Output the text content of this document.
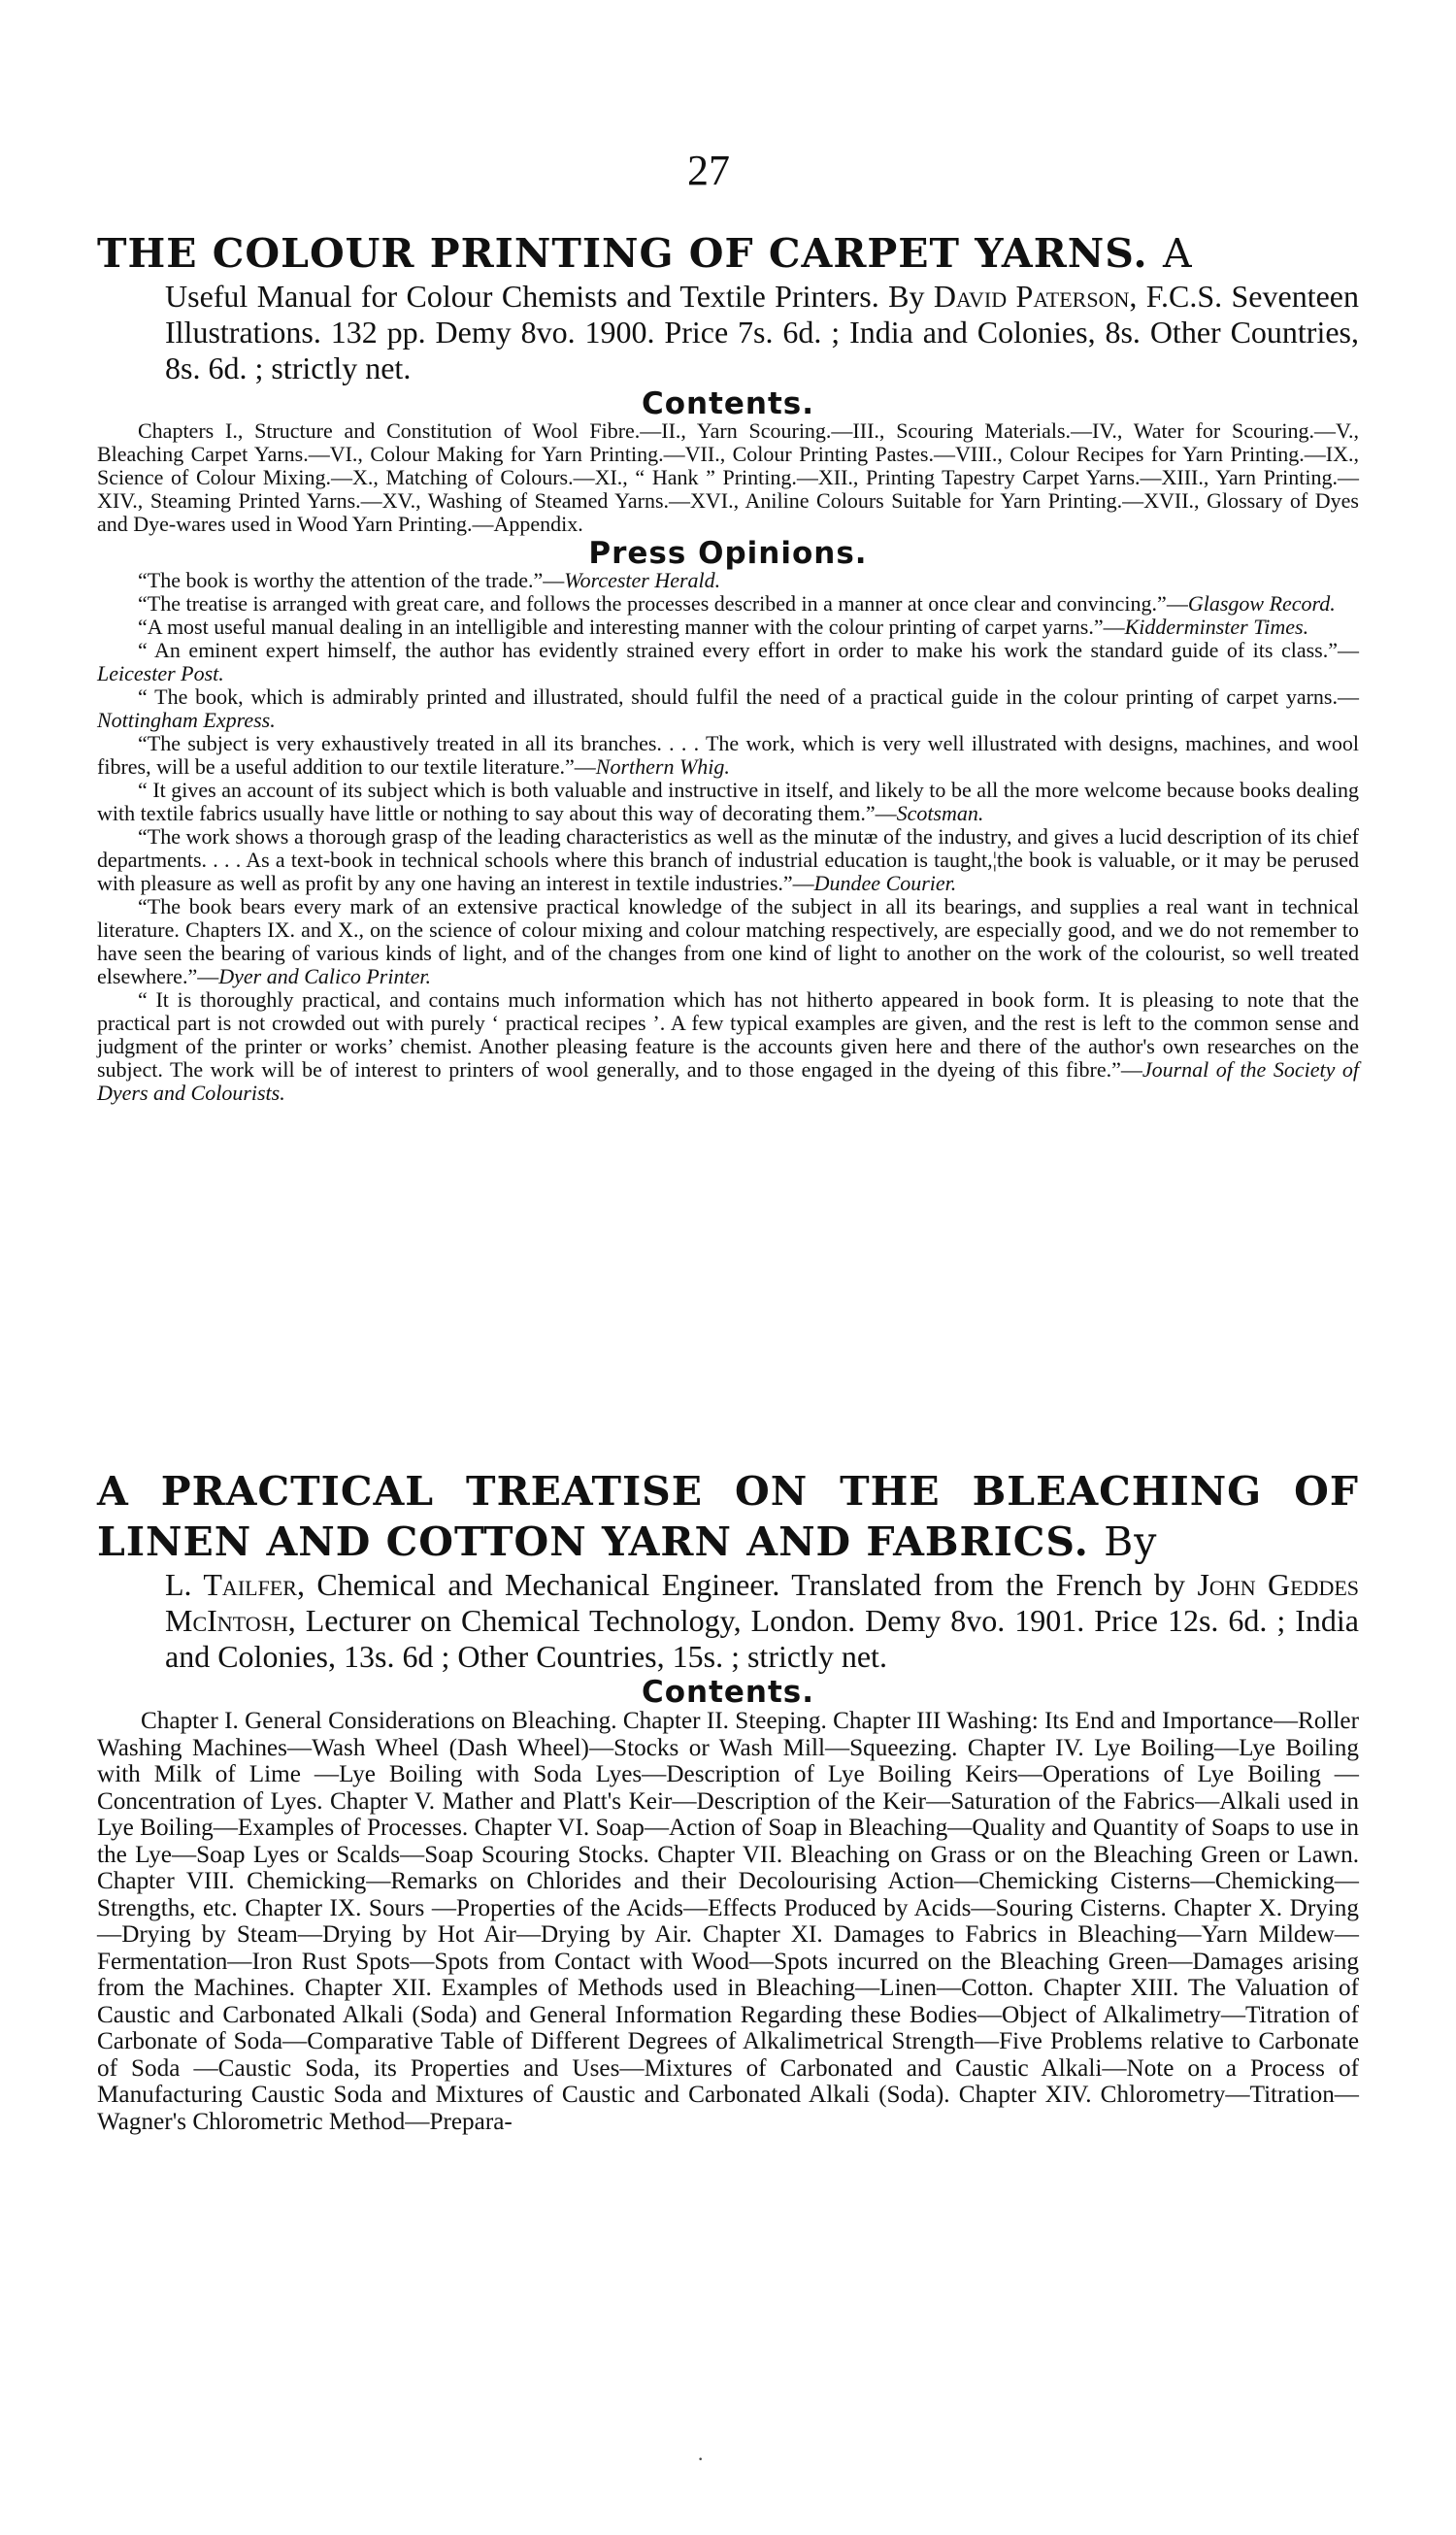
27
THE COLOUR PRINTING OF CARPET YARNS. A
Useful Manual for Colour Chemists and Textile Printers. By David Paterson, F.C.S. Seventeen Illustrations. 132 pp. Demy 8vo. 1900. Price 7s. 6d. ; India and Colonies, 8s. Other Countries, 8s. 6d. ; strictly net.
Contents.
Chapters I., Structure and Constitution of Wool Fibre.—II., Yarn Scouring.—III., Scouring Materials.—IV., Water for Scouring.—V., Bleaching Carpet Yarns.—VI., Colour Making for Yarn Printing.—VII., Colour Printing Pastes.—VIII., Colour Recipes for Yarn Printing.—IX., Science of Colour Mixing.—X., Matching of Colours.—XI., “ Hank ” Printing.—XII., Printing Tapestry Carpet Yarns.—XIII., Yarn Printing.—XIV., Steaming Printed Yarns.—XV., Washing of Steamed Yarns.—XVI., Aniline Colours Suitable for Yarn Printing.—XVII., Glossary of Dyes and Dye-wares used in Wood Yarn Printing.—Appendix.
Press Opinions.

“The book is worthy the attention of the trade.”—Worcester Herald.

“The treatise is arranged with great care, and follows the processes described in a manner at once clear and convincing.”—Glasgow Record.

“A most useful manual dealing in an intelligible and interesting manner with the colour printing of carpet yarns.”—Kidderminster Times.

“ An eminent expert himself, the author has evidently strained every effort in order to make his work the standard guide of its class.”—Leicester Post.

“ The book, which is admirably printed and illustrated, should fulfil the need of a practical guide in the colour printing of carpet yarns.—Nottingham Express.

“The subject is very exhaustively treated in all its branches. . . . The work, which is very well illustrated with designs, machines, and wool fibres, will be a useful addition to our textile literature.”—Northern Whig.

“ It gives an account of its subject which is both valuable and instructive in itself, and likely to be all the more welcome because books dealing with textile fabrics usually have little or nothing to say about this way of decorating them.”—Scotsman.

“The work shows a thorough grasp of the leading characteristics as well as the minutæ of the industry, and gives a lucid description of its chief departments. . . . As a text-book in technical schools where this branch of industrial education is taught,¦the book is valuable, or it may be perused with pleasure as well as profit by any one having an interest in textile industries.”—Dundee Courier.

“The book bears every mark of an extensive practical knowledge of the subject in all its bearings, and supplies a real want in technical literature. Chapters IX. and X., on the science of colour mixing and colour matching respectively, are especially good, and we do not remember to have seen the bearing of various kinds of light, and of the changes from one kind of light to another on the work of the colourist, so well treated elsewhere.”—Dyer and Calico Printer.

“ It is thoroughly practical, and contains much information which has not hitherto appeared in book form. It is pleasing to note that the practical part is not crowded out with purely ‘ practical recipes ’. A few typical examples are given, and the rest is left to the common sense and judgment of the printer or works’ chemist. Another pleasing feature is the accounts given here and there of the author's own researches on the subject. The work will be of interest to printers of wool generally, and to those engaged in the dyeing of this fibre.”—Journal of the Society of Dyers and Colourists.

A PRACTICAL TREATISE ON THE BLEACHING OF LINEN AND COTTON YARN AND FABRICS. By
L. Tailfer, Chemical and Mechanical Engineer. Translated from the French by John Geddes McIntosh, Lecturer on Chemical Technology, London. Demy 8vo. 1901. Price 12s. 6d. ; India and Colonies, 13s. 6d ; Other Countries, 15s. ; strictly net.
Contents.
Chapter I. General Considerations on Bleaching. Chapter II. Steeping. Chapter III Washing: Its End and Importance—Roller Washing Machines—Wash Wheel (Dash Wheel)—Stocks or Wash Mill—Squeezing. Chapter IV. Lye Boiling—Lye Boiling with Milk of Lime —Lye Boiling with Soda Lyes—Description of Lye Boiling Keirs—Operations of Lye Boiling —Concentration of Lyes. Chapter V. Mather and Platt's Keir—Description of the Keir—Saturation of the Fabrics—Alkali used in Lye Boiling—Examples of Processes. Chapter VI. Soap—Action of Soap in Bleaching—Quality and Quantity of Soaps to use in the Lye—Soap Lyes or Scalds—Soap Scouring Stocks. Chapter VII. Bleaching on Grass or on the Bleaching Green or Lawn. Chapter VIII. Chemicking—Remarks on Chlorides and their Decolourising Action—Chemicking Cisterns—Chemicking—Strengths, etc. Chapter IX. Sours —Properties of the Acids—Effects Produced by Acids—Souring Cisterns. Chapter X. Drying—Drying by Steam—Drying by Hot Air—Drying by Air. Chapter XI. Damages to Fabrics in Bleaching—Yarn Mildew—Fermentation—Iron Rust Spots—Spots from Contact with Wood—Spots incurred on the Bleaching Green—Damages arising from the Machines. Chapter XII. Examples of Methods used in Bleaching—Linen—Cotton. Chapter XIII. The Valuation of Caustic and Carbonated Alkali (Soda) and General Information Regarding these Bodies—Object of Alkalimetry—Titration of Carbonate of Soda—Comparative Table of Different Degrees of Alkalimetrical Strength—Five Problems relative to Carbonate of Soda —Caustic Soda, its Properties and Uses—Mixtures of Carbonated and Caustic Alkali—Note on a Process of Manufacturing Caustic Soda and Mixtures of Caustic and Carbonated Alkali (Soda). Chapter XIV. Chlorometry—Titration—Wagner's Chlorometric Method—Prepara-
·
